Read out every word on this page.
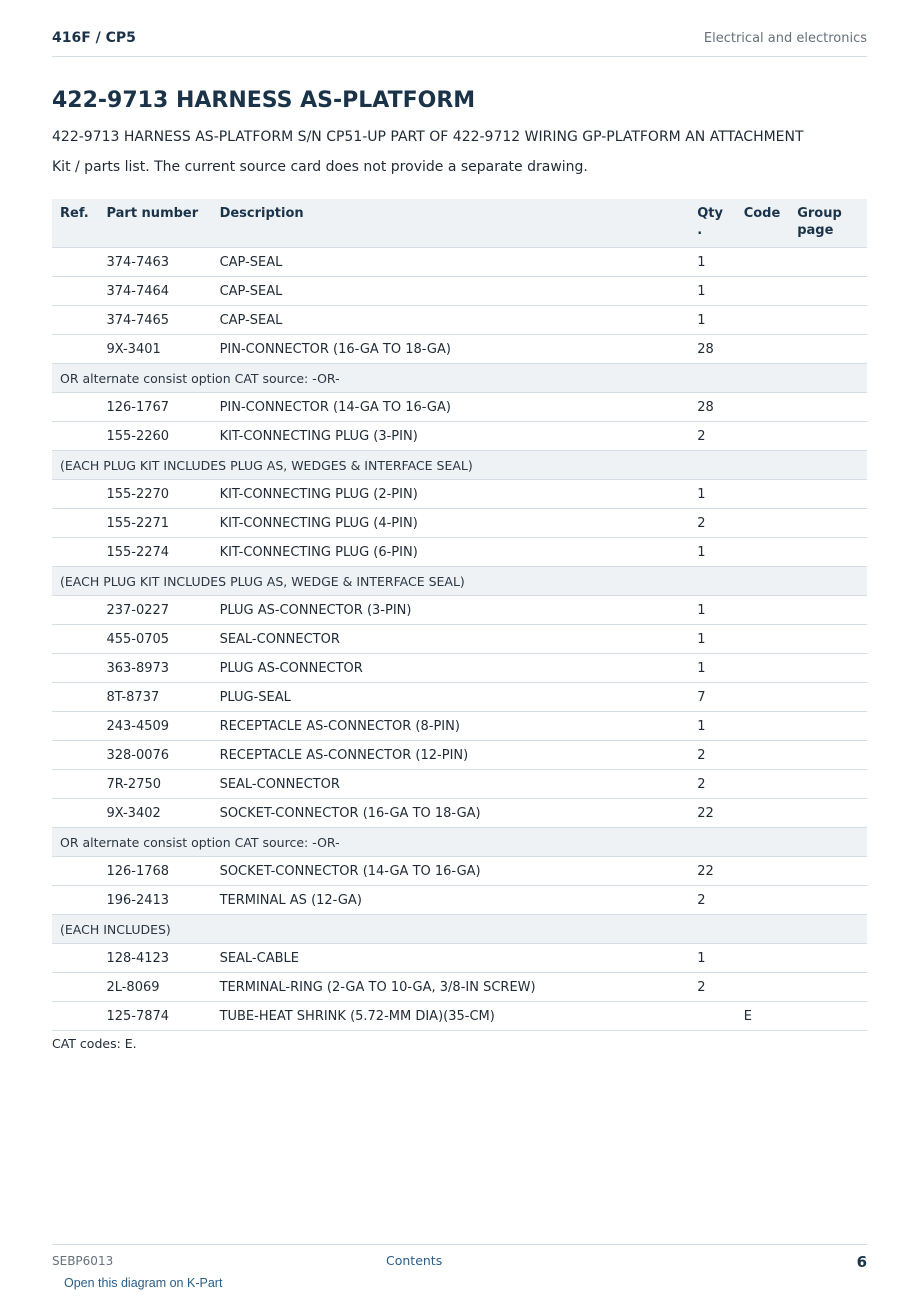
416F / CP5	Electrical and electronics
422-9713 HARNESS AS-PLATFORM
422-9713 HARNESS AS-PLATFORM S/N CP51-UP PART OF 422-9712 WIRING GP-PLATFORM AN ATTACHMENT
Kit / parts list. The current source card does not provide a separate drawing.
Ref.	Part number	Description	Qty .	Code	Group page
	374-7463	CAP-SEAL	1		
	374-7464	CAP-SEAL	1		
	374-7465	CAP-SEAL	1		
	9X-3401	PIN-CONNECTOR (16-GA TO 18-GA)	28		
OR alternate consist option CAT source: -OR-					
	126-1767	PIN-CONNECTOR (14-GA TO 16-GA)	28		
	155-2260	KIT-CONNECTING PLUG (3-PIN)	2		
(EACH PLUG KIT INCLUDES PLUG AS, WEDGES & INTERFACE SEAL)					
	155-2270	KIT-CONNECTING PLUG (2-PIN)	1		
	155-2271	KIT-CONNECTING PLUG (4-PIN)	2		
	155-2274	KIT-CONNECTING PLUG (6-PIN)	1		
(EACH PLUG KIT INCLUDES PLUG AS, WEDGE & INTERFACE SEAL)					
	237-0227	PLUG AS-CONNECTOR (3-PIN)	1		
	455-0705	SEAL-CONNECTOR	1		
	363-8973	PLUG AS-CONNECTOR	1		
	8T-8737	PLUG-SEAL	7		
	243-4509	RECEPTACLE AS-CONNECTOR (8-PIN)	1		
	328-0076	RECEPTACLE AS-CONNECTOR (12-PIN)	2		
	7R-2750	SEAL-CONNECTOR	2		
	9X-3402	SOCKET-CONNECTOR (16-GA TO 18-GA)	22		
OR alternate consist option CAT source: -OR-					
	126-1768	SOCKET-CONNECTOR (14-GA TO 16-GA)	22		
	196-2413	TERMINAL AS (12-GA)	2		
(EACH INCLUDES)					
	128-4123	SEAL-CABLE	1		
	2L-8069	TERMINAL-RING (2-GA TO 10-GA, 3/8-IN SCREW)	2		
	125-7874	TUBE-HEAT SHRINK (5.72-MM DIA)(35-CM)		E	
CAT codes: E.
SEBP6013	Contents	6
Open this diagram on K-Part
